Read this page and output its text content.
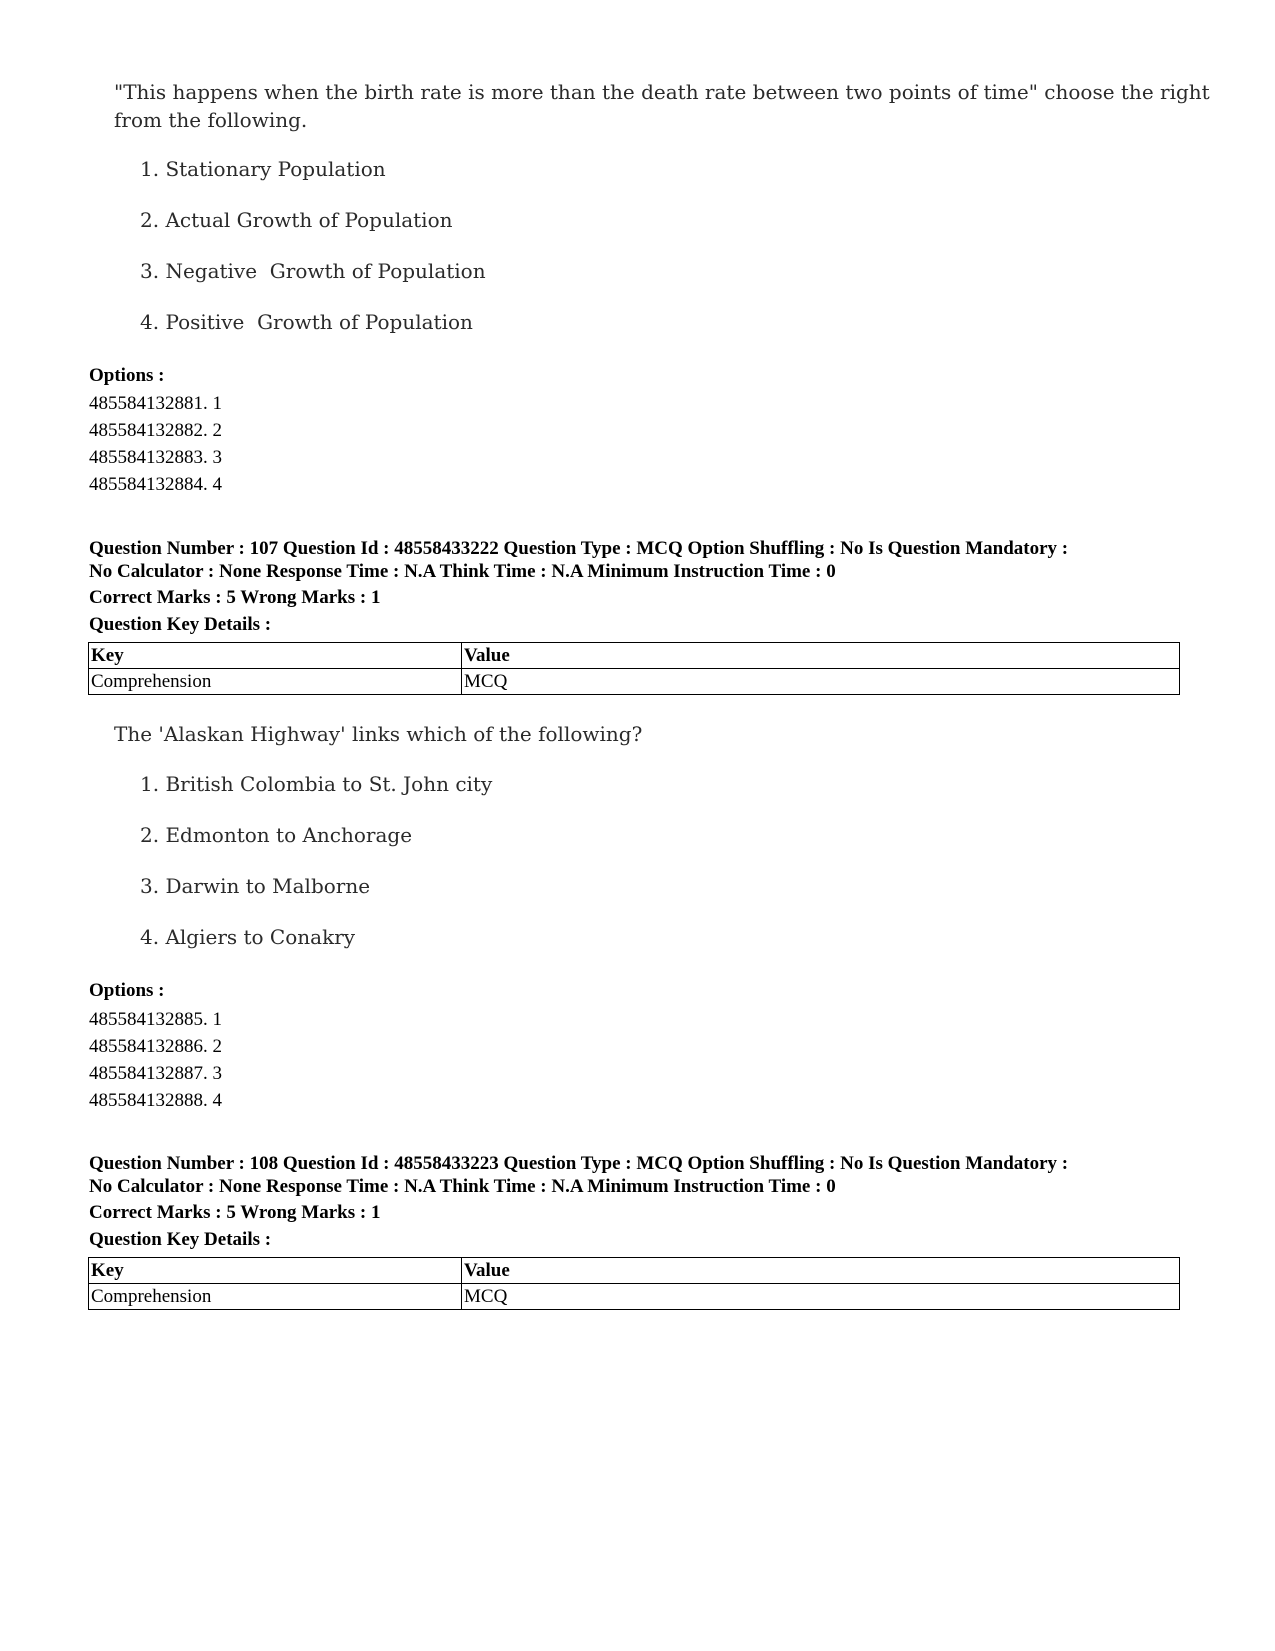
"This happens when the birth rate is more than the death rate between two points of time" choose the right
from the following.
1. Stationary Population
2. Actual Growth of Population
3. Negative  Growth of Population
4. Positive  Growth of Population
Options :
485584132881. 1
485584132882. 2
485584132883. 3
485584132884. 4
Question Number : 107 Question Id : 48558433222 Question Type : MCQ Option Shuffling : No Is Question Mandatory :
No Calculator : None Response Time : N.A Think Time : N.A Minimum Instruction Time : 0
Correct Marks : 5 Wrong Marks : 1
Question Key Details :
Key	Value
Comprehension	MCQ
The 'Alaskan Highway' links which of the following?
1. British Colombia to St. John city
2. Edmonton to Anchorage
3. Darwin to Malborne
4. Algiers to Conakry
Options :
485584132885. 1
485584132886. 2
485584132887. 3
485584132888. 4
Question Number : 108 Question Id : 48558433223 Question Type : MCQ Option Shuffling : No Is Question Mandatory :
No Calculator : None Response Time : N.A Think Time : N.A Minimum Instruction Time : 0
Correct Marks : 5 Wrong Marks : 1
Question Key Details :
Key	Value
Comprehension	MCQ
